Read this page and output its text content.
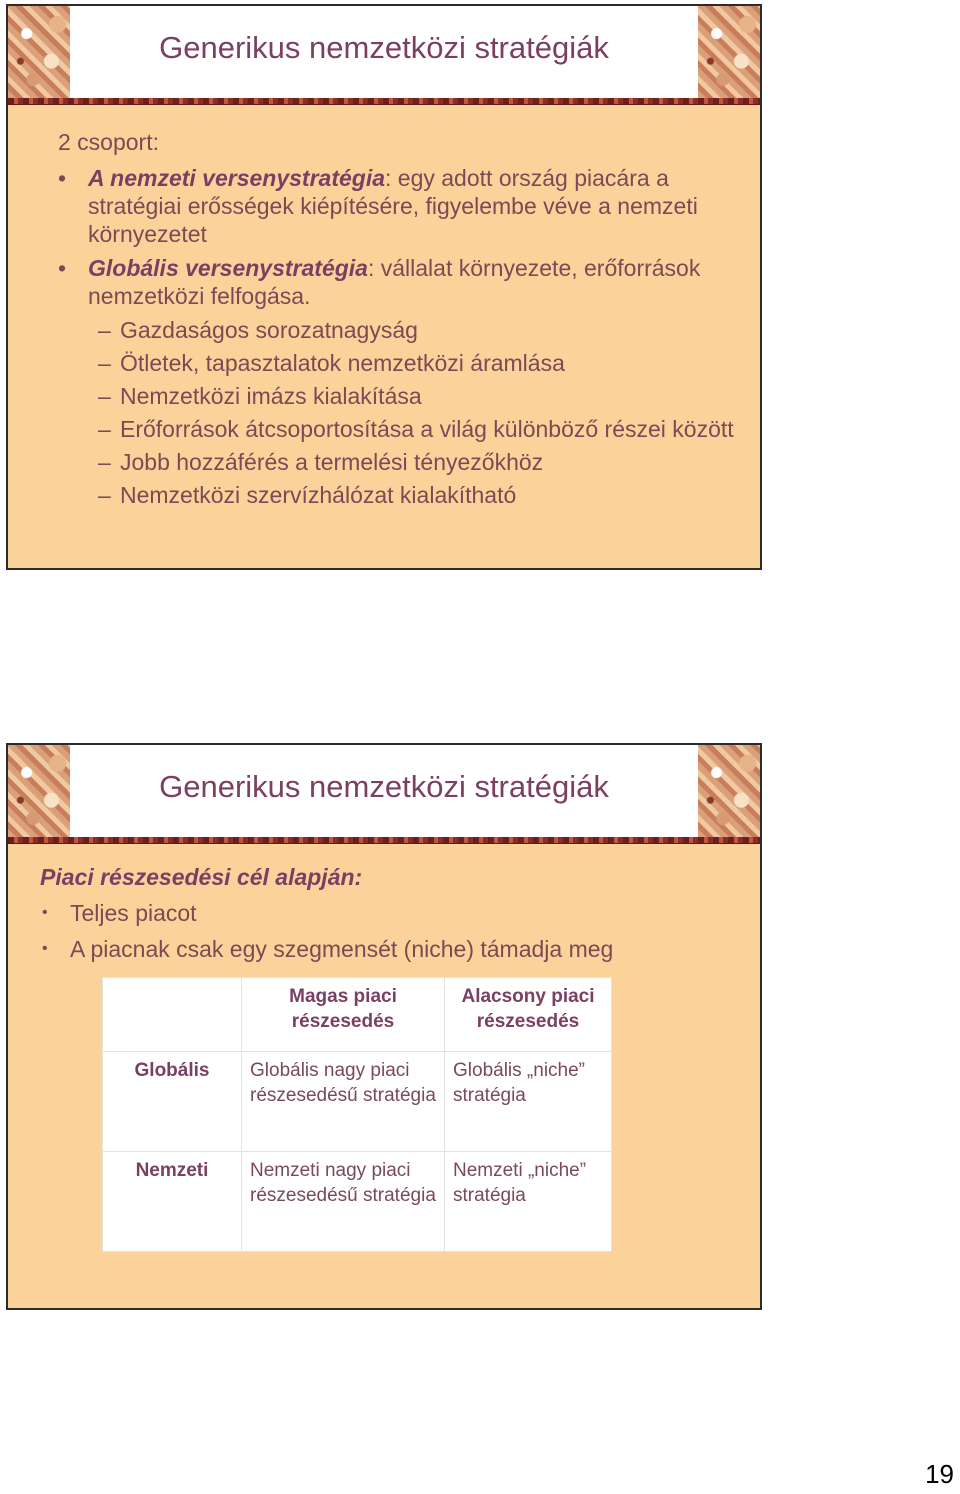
Generikus nemzetközi stratégiák

2 csoport:

• A nemzeti versenystratégia: egy adott ország piacára a stratégiai erősségek kiépítésére, figyelembe véve a nemzeti környezetet

• Globális versenystratégia: vállalat környezete, erőforrások nemzetközi felfogása.

– Gazdaságos sorozatnagyság
– Ötletek, tapasztalatok nemzetközi áramlása
– Nemzetközi imázs kialakítása
– Erőforrások átcsoportosítása a világ különböző részei között
– Jobb hozzáférés a termelési tényezőkhöz
– Nemzetközi szervízhálózat kialakítható
Generikus nemzetközi stratégiák

Piaci részesedési cél alapján:

• Teljes piacot

• A piacnak csak egy szegmensét (niche) támadja meg

	Magas piaci részesedés	Alacsony piaci részesedés
Globális	Globális nagy piaci részesedésű stratégia	Globális „niche” stratégia
Nemzeti	Nemzeti nagy piaci részesedésű stratégia	Nemzeti „niche” stratégia
19
